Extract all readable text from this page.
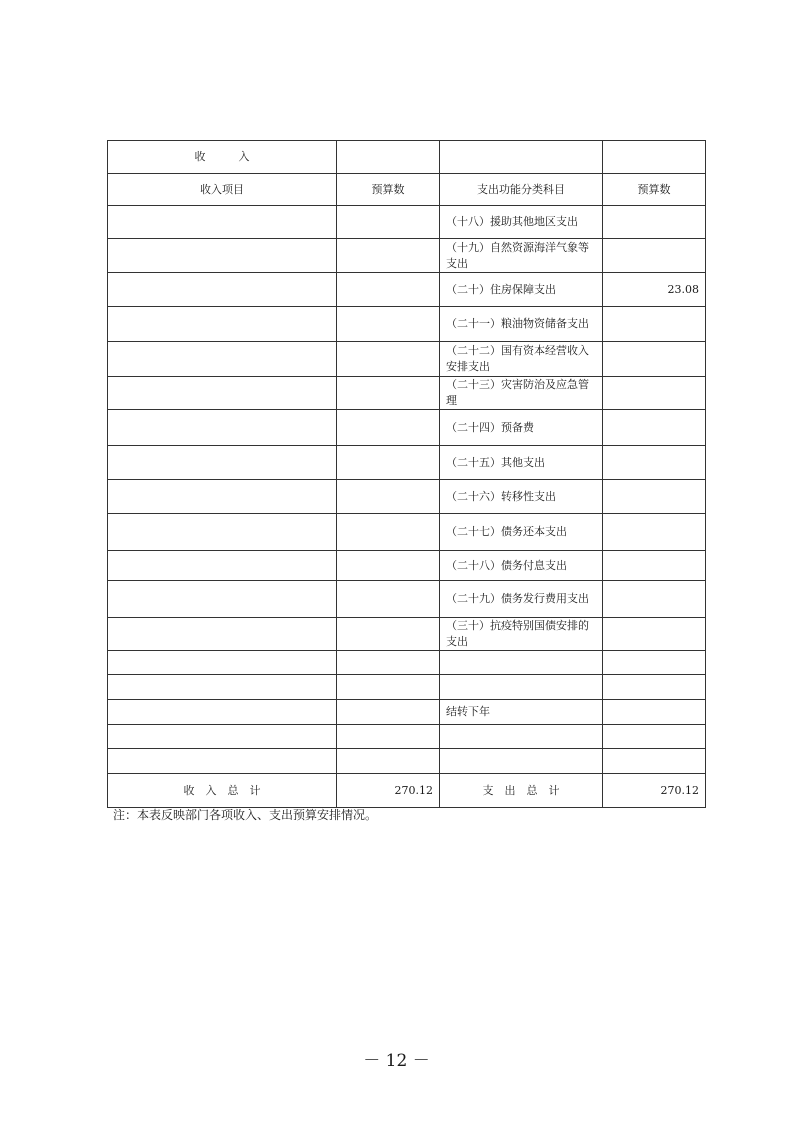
收　　　入			
收入项目	预算数	支出功能分类科目	预算数
		（十八）援助其他地区支出	
		（十九）自然资源海洋气象等支出	
		（二十）住房保障支出	23.08
		（二十一）粮油物资储备支出	
		（二十二）国有资本经营收入安排支出	
		（二十三）灾害防治及应急管理	
		（二十四）预备费	
		（二十五）其他支出	
		（二十六）转移性支出	
		（二十七）债务还本支出	
		（二十八）债务付息支出	
		（二十九）债务发行费用支出	
		（三十）抗疫特别国债安排的支出	

		结转下年	

收　入　总　计	270.12	支　出　总　计	270.12
注：本表反映部门各项收入、支出预算安排情况。
－ 12 －
